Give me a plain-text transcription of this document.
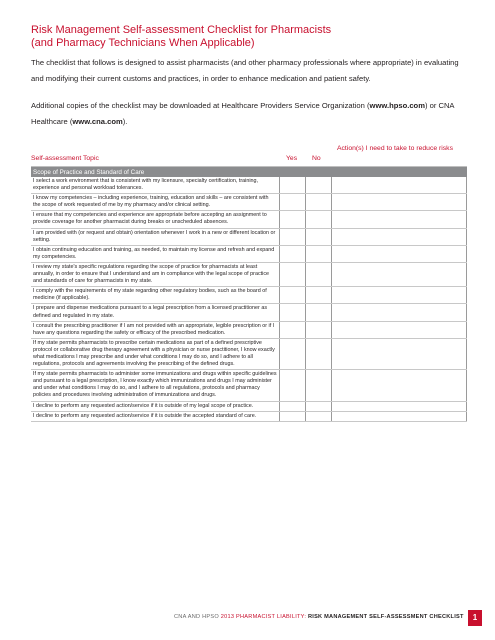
Risk Management Self-assessment Checklist for Pharmacists
(and Pharmacy Technicians When Applicable)

The checklist that follows is designed to assist pharmacists (and other pharmacy professionals where appropriate) in evaluating and modifying their current customs and practices, in order to enhance medication and patient safety.

Additional copies of the checklist may be downloaded at Healthcare Providers Service Organization (www.hpso.com) or CNA Healthcare (www.cna.com).

Self-assessment Topic	Yes No
Action(s) I need to take to reduce risks
Scope of Practice and Standard of Care
I select a work environment that is consistent with my licensure, specialty certification, training, experience and personal workload tolerances.
I know my competencies – including experience, training, education and skills – are consistent with the scope of work requested of me by my pharmacy and/or clinical setting.
I ensure that my competencies and experience are appropriate before accepting an assignment to provide coverage for another pharmacist during breaks or unscheduled absences.
I am provided with (or request and obtain) orientation whenever I work in a new or different location or setting.
I obtain continuing education and training, as needed, to maintain my license and refresh and expand my competencies.
I review my state's specific regulations regarding the scope of practice for pharmacists at least annually, in order to ensure that I understand and am in compliance with the legal scope of practice and standards of care for pharmacists in my state.
I comply with the requirements of my state regarding other regulatory bodies, such as the board of medicine (if applicable).
I prepare and dispense medications pursuant to a legal prescription from a licensed practitioner as defined and regulated in my state.
I consult the prescribing practitioner if I am not provided with an appropriate, legible prescription or if I have any questions regarding the safety or efficacy of the prescribed medication.
If my state permits pharmacists to prescribe certain medications as part of a defined prescriptive protocol or collaborative drug therapy agreement with a physician or nurse practitioner, I know exactly what medications I may prescribe and under what conditions I may do so, and I adhere to all regulations, protocols and agreements involving the prescribing of the defined drugs.
If my state permits pharmacists to administer some immunizations and drugs within specific guidelines and pursuant to a legal prescription, I know exactly which immunizations and drugs I may administer and under what conditions I may do so, and I adhere to all regulations, protocols and pharmacy policies and procedures involving administration of immunizations and drugs.
I decline to perform any requested action/service if it is outside of my legal scope of practice.
I decline to perform any requested action/service if it is outside the accepted standard of care.
CNA AND HPSO 2013 PHARMACIST LIABILITY: RISK MANAGEMENT SELF-ASSESSMENT CHECKLIST	1
